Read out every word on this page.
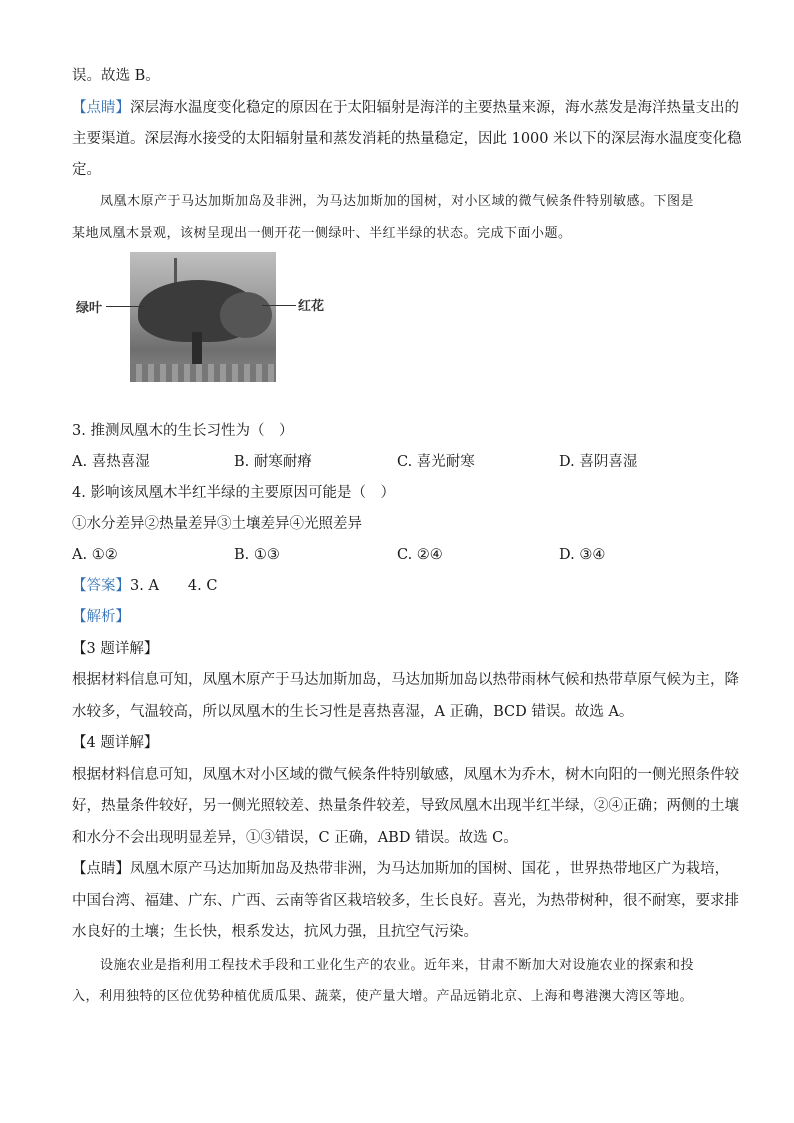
误。故选 B。
【点睛】深层海水温度变化稳定的原因在于太阳辐射是海洋的主要热量来源，海水蒸发是海洋热量支出的
主要渠道。深层海水接受的太阳辐射量和蒸发消耗的热量稳定，因此 1000 米以下的深层海水温度变化稳
定。
凤凰木原产于马达加斯加岛及非洲，为马达加斯加的国树，对小区域的微气候条件特别敏感。下图是
某地凤凰木景观，该树呈现出一侧开花一侧绿叶、半红半绿的状态。完成下面小题。
绿叶	红花
3. 推测凤凰木的生长习性为（　）
A. 喜热喜湿	B. 耐寒耐瘠	C. 喜光耐寒	D. 喜阴喜湿
4. 影响该凤凰木半红半绿的主要原因可能是（　）
①水分差异②热量差异③土壤差异④光照差异
A. ①②	B. ①③	C. ②④	D. ③④
【答案】3. A　　4. C
【解析】
【3 题详解】
根据材料信息可知，凤凰木原产于马达加斯加岛，马达加斯加岛以热带雨林气候和热带草原气候为主，降
水较多，气温较高，所以凤凰木的生长习性是喜热喜湿，A 正确，BCD 错误。故选 A。
【4 题详解】
根据材料信息可知，凤凰木对小区域的微气候条件特别敏感，凤凰木为乔木，树木向阳的一侧光照条件较
好，热量条件较好，另一侧光照较差、热量条件较差，导致凤凰木出现半红半绿，②④正确；两侧的土壤
和水分不会出现明显差异，①③错误，C 正确，ABD 错误。故选 C。
【点睛】凤凰木原产马达加斯加岛及热带非洲，为马达加斯加的国树、国花 ，世界热带地区广为栽培，
中国台湾、福建、广东、广西、云南等省区栽培较多，生长良好。喜光，为热带树种，很不耐寒，要求排
水良好的土壤；生长快，根系发达，抗风力强，且抗空气污染。
设施农业是指利用工程技术手段和工业化生产的农业。近年来，甘肃不断加大对设施农业的探索和投
入，利用独特的区位优势种植优质瓜果、蔬菜，使产量大增。产品远销北京、上海和粤港澳大湾区等地。
